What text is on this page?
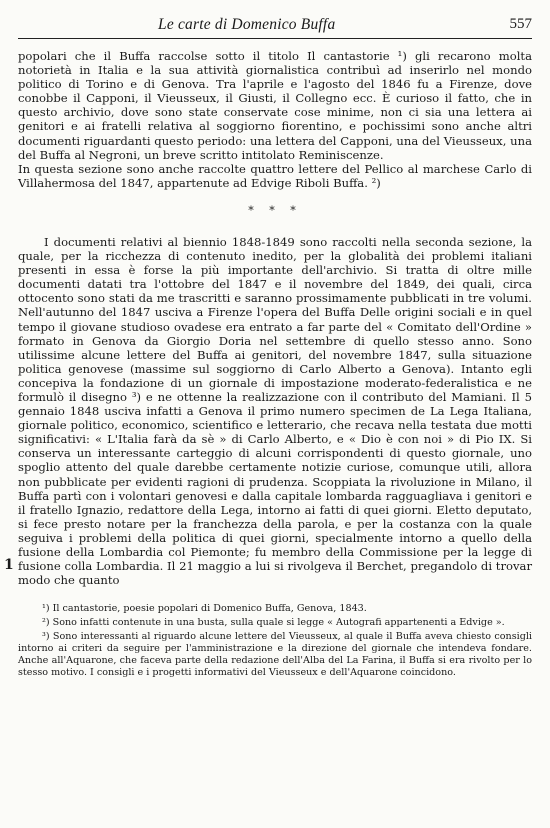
Le carte di Domenico Buffa	557

popolari che il Buffa raccolse sotto il titolo Il cantastorie ¹) gli recarono molta notorietà in Italia e la sua attività giornalistica contribuì ad inserirlo nel mondo politico di Torino e di Genova. Tra l'aprile e l'agosto del 1846 fu a Firenze, dove conobbe il Capponi, il Vieusseux, il Giusti, il Collegno ecc. È curioso il fatto, che in questo archivio, dove sono state conservate cose minime, non ci sia una lettera ai genitori e ai fratelli relativa al soggiorno fiorentino, e pochissimi sono anche altri documenti riguardanti questo periodo: una lettera del Capponi, una del Vieusseux, una del Buffa al Negroni, un breve scritto intitolato Reminiscenze.

In questa sezione sono anche raccolte quattro lettere del Pellico al marchese Carlo di Villahermosa del 1847, appartenute ad Edvige Riboli Buffa. ²)

* * *

I documenti relativi al biennio 1848-1849 sono raccolti nella seconda sezione, la quale, per la ricchezza di contenuto inedito, per la globalità dei problemi italiani presenti in essa è forse la più importante dell'archivio. Si tratta di oltre mille documenti datati tra l'ottobre del 1847 e il novembre del 1849, dei quali, circa ottocento sono stati da me trascritti e saranno prossimamente pubblicati in tre volumi. Nell'autunno del 1847 usciva a Firenze l'opera del Buffa Delle origini sociali e in quel tempo il giovane studioso ovadese era entrato a far parte del « Comitato dell'Ordine » formato in Genova da Giorgio Doria nel settembre di quello stesso anno. Sono utilissime alcune lettere del Buffa ai genitori, del novembre 1847, sulla situazione politica genovese (massime sul soggiorno di Carlo Alberto a Genova). Intanto egli concepiva la fondazione di un giornale di impostazione moderato-federalistica e ne formulò il disegno ³) e ne ottenne la realizzazione con il contributo del Mamiani. Il 5 gennaio 1848 usciva infatti a Genova il primo numero specimen de La Lega Italiana, giornale politico, economico, scientifico e letterario, che recava nella testata due motti significativi: « L'Italia farà da sè » di Carlo Alberto, e « Dio è con noi » di Pio IX. Si conserva un interessante carteggio di alcuni corrispondenti di questo giornale, uno spoglio attento del quale darebbe certamente notizie curiose, comunque utili, allora non pubblicate per evidenti ragioni di prudenza. Scoppiata la rivoluzione in Milano, il Buffa partì con i volontari genovesi e dalla capitale lombarda ragguagliava i genitori e il fratello Ignazio, redattore della Lega, intorno ai fatti di quei giorni. Eletto deputato, si fece presto notare per la franchezza della parola, e per la costanza con la quale seguiva i problemi della politica di quei giorni, specialmente intorno a quello della fusione della Lombardia col Piemonte; fu membro della Commissione per la legge di fusione colla Lombardia. Il 21 maggio a lui si rivolgeva il Berchet, pregandolo di trovar modo che quanto

¹) Il cantastorie, poesie popolari di Domenico Buffa, Genova, 1843.

²) Sono infatti contenute in una busta, sulla quale si legge « Autografi appartenenti a Edvige ».

³) Sono interessanti al riguardo alcune lettere del Vieusseux, al quale il Buffa aveva chiesto consigli intorno ai criteri da seguire per l'amministrazione e la direzione del giornale che intendeva fondare. Anche all'Aquarone, che faceva parte della redazione dell'Alba del La Farina, il Buffa si era rivolto per lo stesso motivo. I consigli e i progetti informativi del Vieusseux e dell'Aquarone coincidono.

1
